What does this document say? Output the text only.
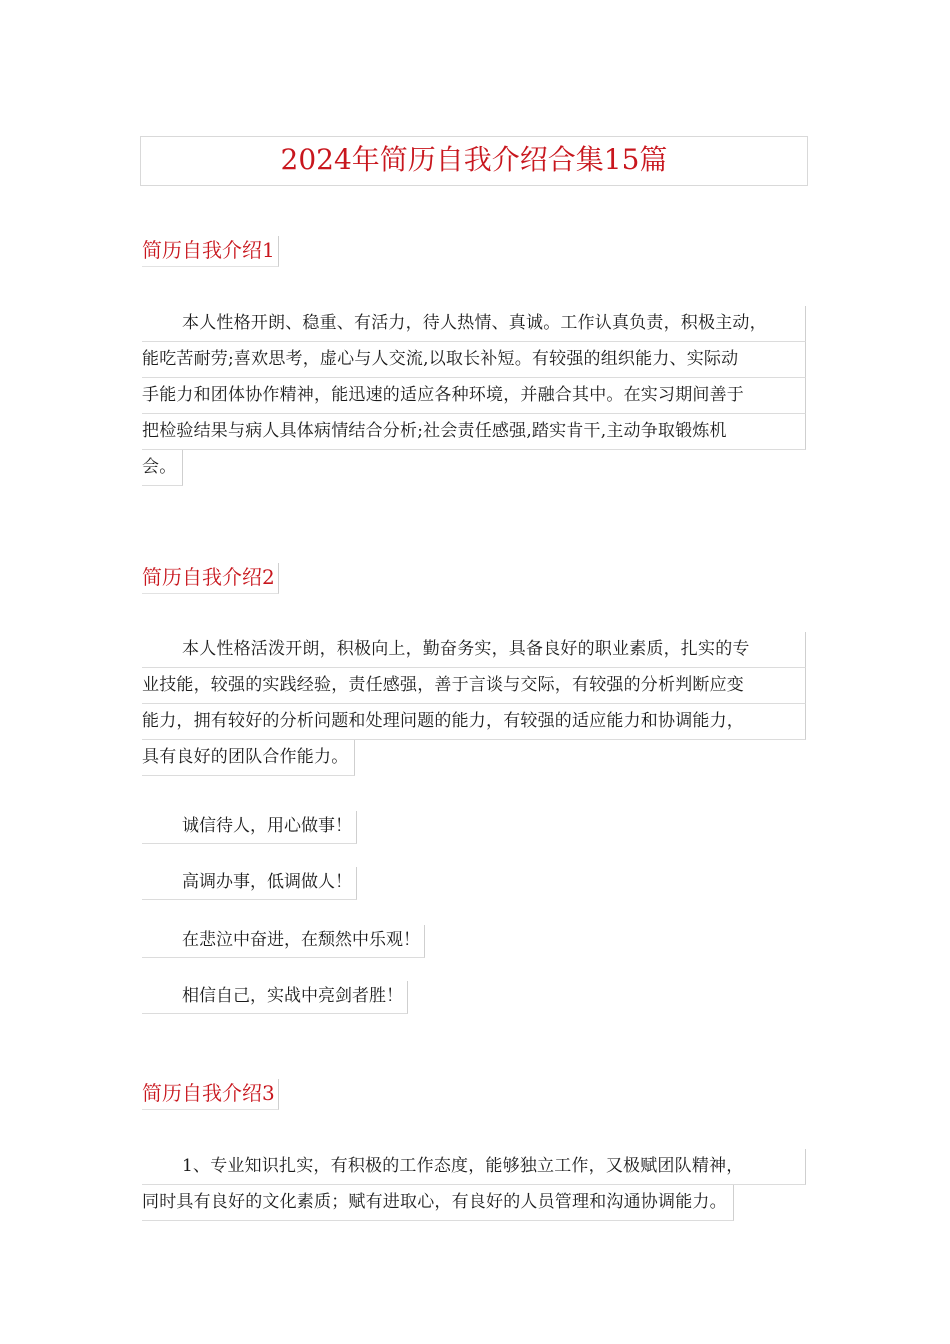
2024年简历自我介绍合集15篇
简历自我介绍1
本人性格开朗、稳重、有活力，待人热情、真诚。工作认真负责，积极主动，
能吃苦耐劳;喜欢思考，虚心与人交流,以取长补短。有较强的组织能力、实际动
手能力和团体协作精神，能迅速的适应各种环境，并融合其中。在实习期间善于
把检验结果与病人具体病情结合分析;社会责任感强,踏实肯干,主动争取锻炼机
会。
简历自我介绍2
本人性格活泼开朗，积极向上，勤奋务实，具备良好的职业素质，扎实的专
业技能，较强的实践经验，责任感强，善于言谈与交际，有较强的分析判断应变
能力，拥有较好的分析问题和处理问题的能力，有较强的适应能力和协调能力，
具有良好的团队合作能力。
诚信待人，用心做事！
高调办事，低调做人！
在悲泣中奋进，在颓然中乐观！
相信自己，实战中亮剑者胜！
简历自我介绍3
1、专业知识扎实，有积极的工作态度，能够独立工作，又极赋团队精神，
同时具有良好的文化素质；赋有进取心，有良好的人员管理和沟通协调能力。
